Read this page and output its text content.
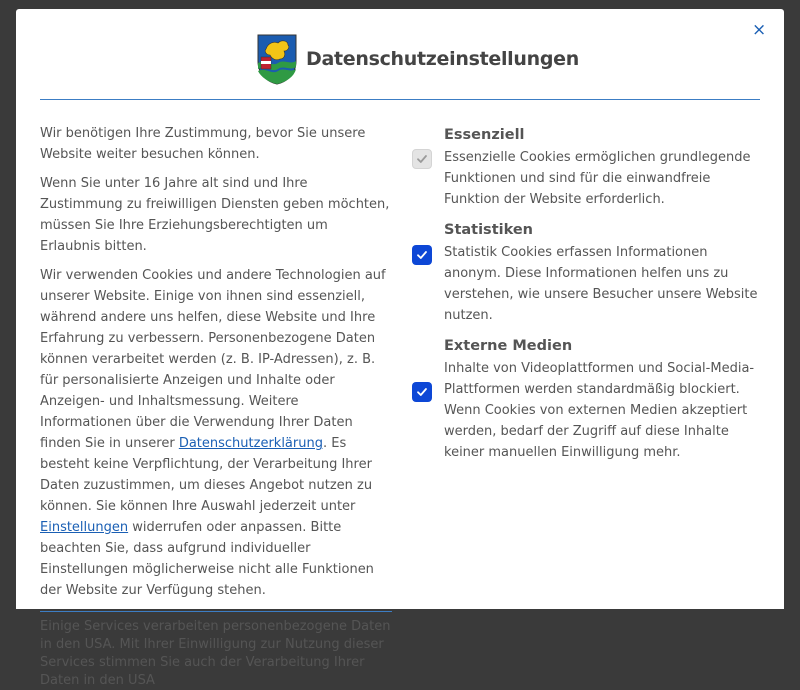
×
Datenschutzeinstellungen

Wir benötigen Ihre Zustimmung, bevor Sie unsere Website weiter besuchen können.

Wenn Sie unter 16 Jahre alt sind und Ihre Zustimmung zu freiwilligen Diensten geben möchten, müssen Sie Ihre Erziehungsberechtigten um Erlaubnis bitten.

Wir verwenden Cookies und andere Technologien auf unserer Website. Einige von ihnen sind essenziell, während andere uns helfen, diese Website und Ihre Erfahrung zu verbessern. Personenbezogene Daten können verarbeitet werden (z. B. IP-Adressen), z. B. für personalisierte Anzeigen und Inhalte oder Anzeigen- und Inhaltsmessung. Weitere Informationen über die Verwendung Ihrer Daten finden Sie in unserer Datenschutzerklärung. Es besteht keine Verpflichtung, der Verarbeitung Ihrer Daten zuzustimmen, um dieses Angebot nutzen zu können. Sie können Ihre Auswahl jederzeit unter Einstellungen widerrufen oder anpassen. Bitte beachten Sie, dass aufgrund individueller Einstellungen möglicherweise nicht alle Funktionen der Website zur Verfügung stehen.

Einige Services verarbeiten personenbezogene Daten in den USA. Mit Ihrer Einwilligung zur Nutzung dieser Services stimmen Sie auch der Verarbeitung Ihrer Daten in den USA
Essenziell
Essenzielle Cookies ermöglichen grundlegende Funktionen und sind für die einwandfreie Funktion der Website erforderlich.
Statistiken
Statistik Cookies erfassen Informationen anonym. Diese Informationen helfen uns zu verstehen, wie unsere Besucher unsere Website nutzen.
Externe Medien
Inhalte von Videoplattformen und Social-Media-Plattformen werden standardmäßig blockiert. Wenn Cookies von externen Medien akzeptiert werden, bedarf der Zugriff auf diese Inhalte keiner manuellen Einwilligung mehr.
